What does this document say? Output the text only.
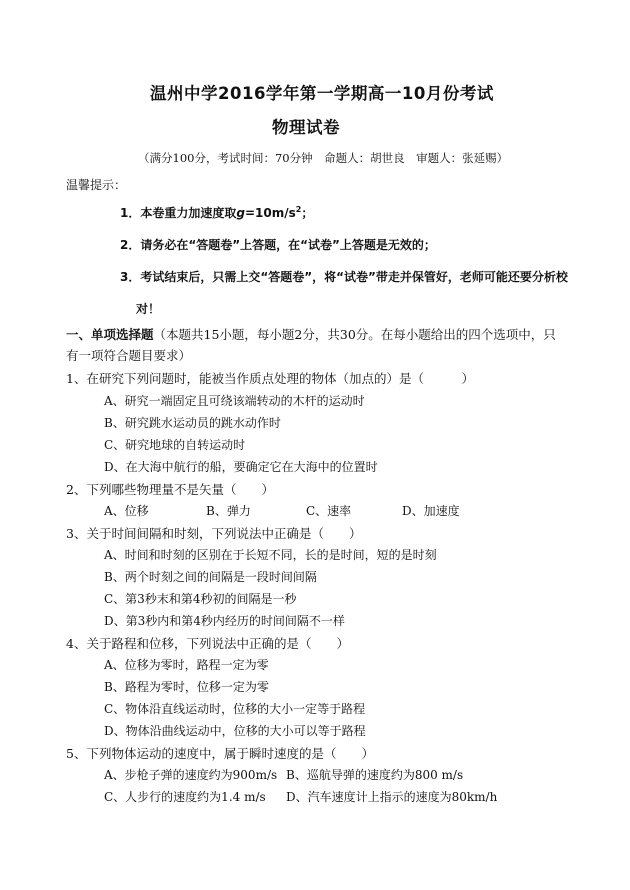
温州中学2016学年第一学期高一10月份考试
物理试卷
（满分100分，考试时间：70分钟　命题人：胡世良　审题人：张延赐）
温馨提示：
1．本卷重力加速度取$g=10m/s^2$；
2．请务必在“答题卷”上答题，在“试卷”上答题是无效的；
3．考试结束后，只需上交“答题卷”，将“试卷”带走并保管好，老师可能还要分析校
对！
一、单项选择题（本题共15小题，每小题2分，共30分。在每小题给出的四个选项中，只
有一项符合题目要求）
1、在研究下列问题时，能被当作质点处理的物体（加点的）是（　　　）
A、研究一端固定且可绕该端转动的木杆的运动时
B、研究跳水运动员的跳水动作时
C、研究地球的自转运动时
D、在大海中航行的船，要确定它在大海中的位置时
2、下列哪些物理量不是矢量（　　）
A、位移	B、弹力	C、速率	D、加速度
3、关于时间间隔和时刻，下列说法中正确是（　　）
A、时间和时刻的区别在于长短不同，长的是时间，短的是时刻
B、两个时刻之间的间隔是一段时间间隔
C、第3秒末和第4秒初的间隔是一秒
D、第3秒内和第4秒内经历的时间间隔不一样
4、关于路程和位移，下列说法中正确的是（　　）
A、位移为零时，路程一定为零
B、路程为零时，位移一定为零
C、物体沿直线运动时，位移的大小一定等于路程
D、物体沿曲线运动中，位移的大小可以等于路程
5、下列物体运动的速度中，属于瞬时速度的是（　　）
A、步枪子弹的速度约为900m/s B、巡航导弹的速度约为800 m/s
C、人步行的速度约为1.4 m/s D、汽车速度计上指示的速度为80km/h
